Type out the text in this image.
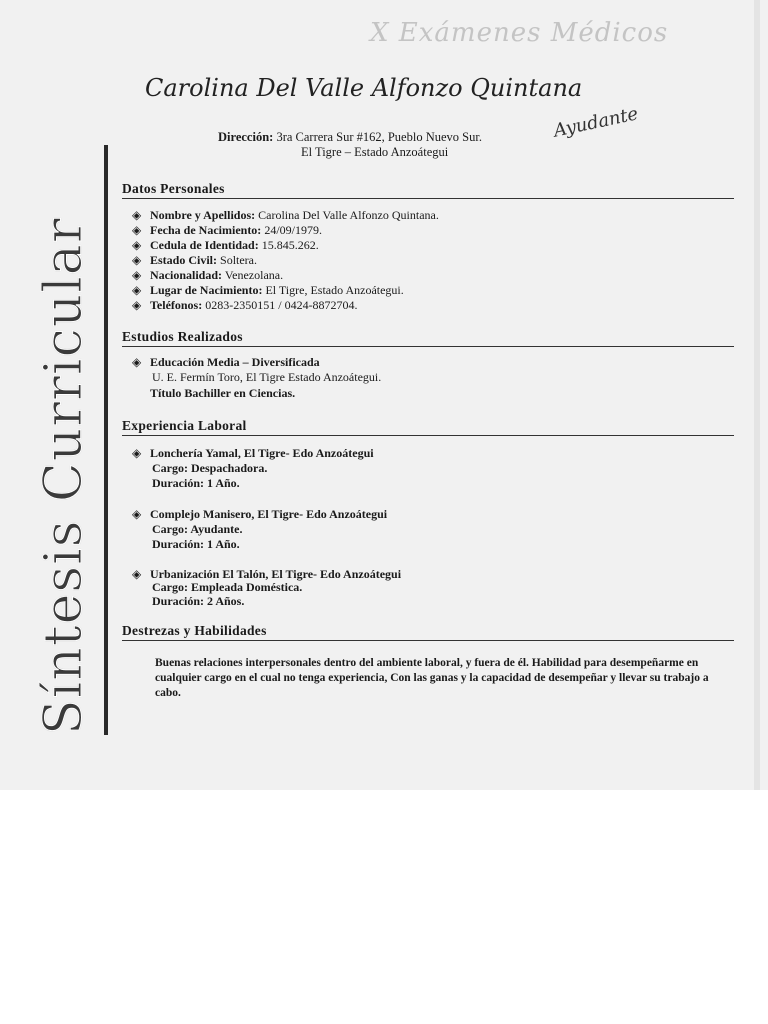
X Exámenes Médicos
Carolina Del Valle Alfonzo Quintana
Dirección: 3ra Carrera Sur #162, Pueblo Nuevo Sur.
El Tigre – Estado Anzoátegui
Ayudante
Síntesis Curricular
Datos Personales
◈ Nombre y Apellidos: Carolina Del Valle Alfonzo Quintana.
◈ Fecha de Nacimiento: 24/09/1979.
◈ Cedula de Identidad: 15.845.262.
◈ Estado Civil: Soltera.
◈ Nacionalidad: Venezolana.
◈ Lugar de Nacimiento: El Tigre, Estado Anzoátegui.
◈ Teléfonos: 0283-2350151 / 0424-8872704.
Estudios Realizados
◈ Educación Media – Diversificada
U. E. Fermín Toro, El Tigre Estado Anzoátegui.
Título Bachiller en Ciencias.
Experiencia Laboral
◈ Lonchería Yamal, El Tigre- Edo Anzoátegui
Cargo: Despachadora.
Duración: 1 Año.
◈ Complejo Manisero, El Tigre- Edo Anzoátegui
Cargo: Ayudante.
Duración: 1 Año.
◈ Urbanización El Talón, El Tigre- Edo Anzoátegui
Cargo: Empleada Doméstica.
Duración: 2 Años.
Destrezas y Habilidades
Buenas relaciones interpersonales dentro del ambiente laboral, y fuera de él. Habilidad para desempeñarme en cualquier cargo en el cual no tenga experiencia, Con las ganas y la capacidad de desempeñar y llevar su trabajo a cabo.
